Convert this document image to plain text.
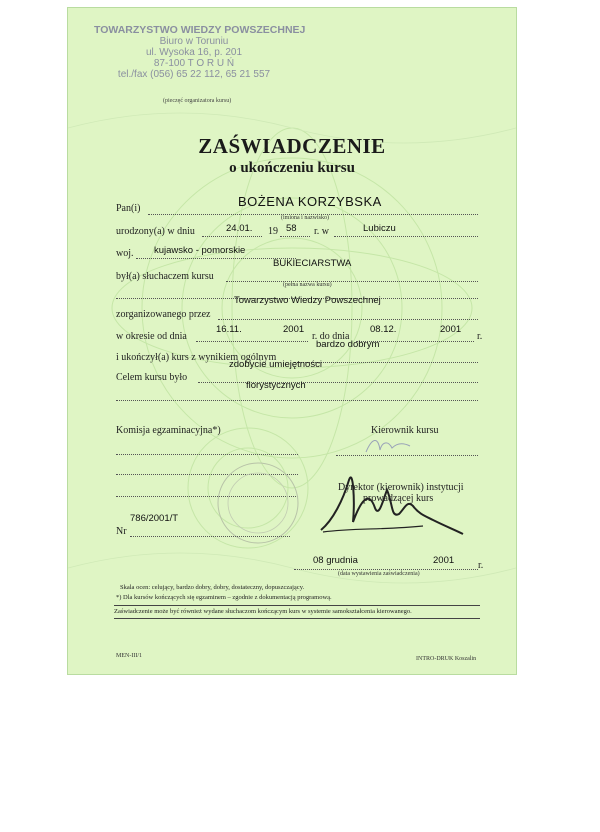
TOWARZYSTWO WIEDZY POWSZECHNEJ
Biuro w Toruniu
ul. Wysoka 16, p. 201
87-100 T O R U Ń
tel./fax (056) 65 22 112, 65 21 557
(pieczęć organizatora kursu)
ZAŚWIADCZENIE
o ukończeniu kursu
Pan(i)	BOŻENA KORZYBSKA
(imiona i nazwisko)
urodzony(a) w dniu	24.01. 19 58 r. w	Lubiczu
woj. kujawsko - pomorskie
był(a) słuchaczem kursu
BUKIECIARSTWA
(pełna nazwa kursu)
zorganizowanego przez
Towarzystwo Wiedzy Powszechnej
w okresie od dnia
16.11.	2001
r. do dnia
08.12.	2001
r.
i ukończył(a) kurs z wynikiem ogólnym
bardzo dobrym
Celem kursu było
zdobycie umiejętności
florystycznych
Komisja egzaminacyjna*)	Kierownik kursu
Dyrektor (kierownik) instytucji
prowadzącej kurs
Nr
786/2001/T
08 grudnia	2001 r.
(data wystawienia zaświadczenia)
Skala ocen: celujący, bardzo dobry, dobry, dostateczny, dopuszczający.
*) Dla kursów kończących się egzaminem – zgodnie z dokumentacją programową.
Zaświadczenie może być również wydane słuchaczom kończącym kurs w systemie samokształcenia kierowanego.
MEN-III/1	INTRO-DRUK Koszalin
